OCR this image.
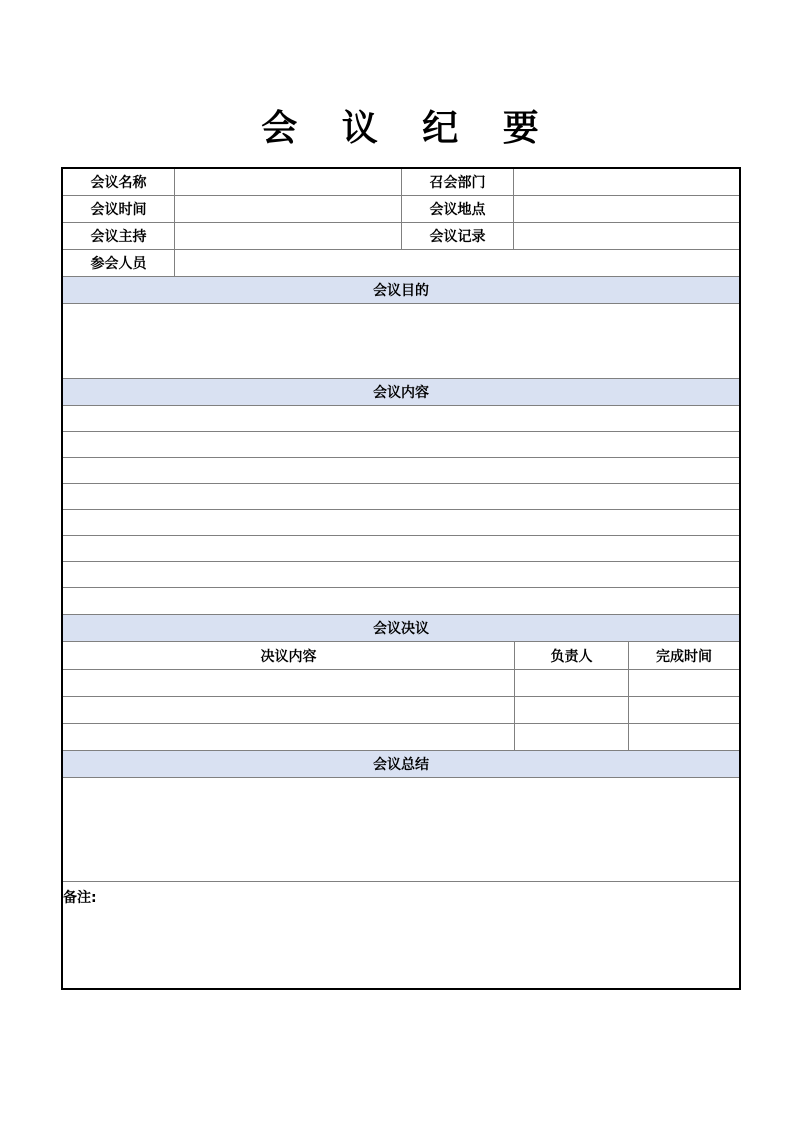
会 议 纪 要
会议名称	召会部门
会议时间	会议地点
会议主持	会议记录
参会人员
会议目的
会议内容
会议决议
决议内容	负责人	完成时间
会议总结
备注:
